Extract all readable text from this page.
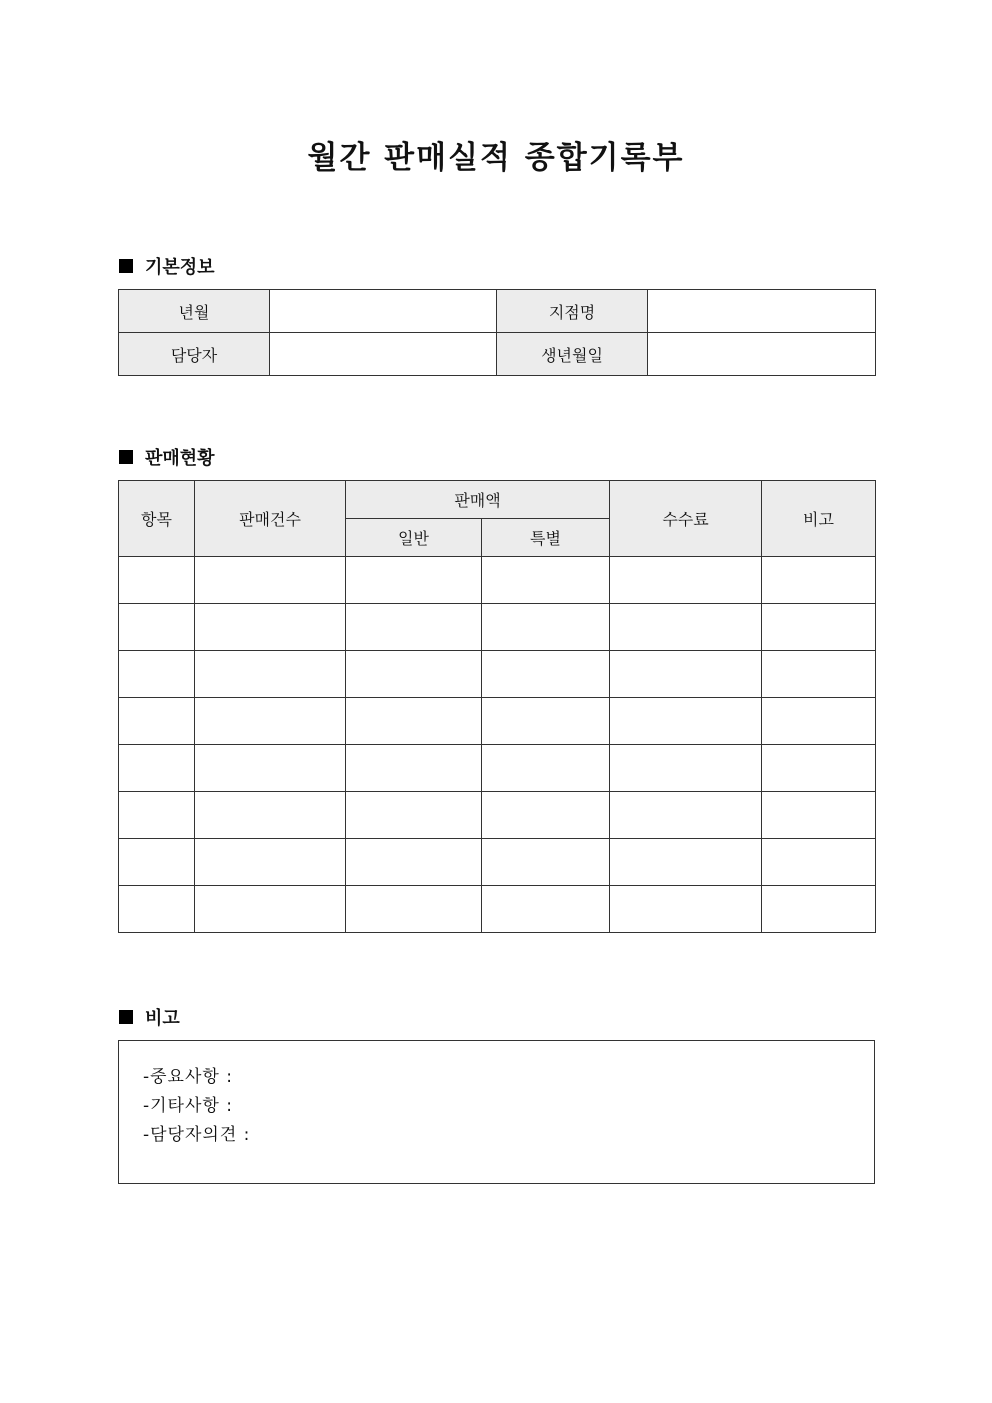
월간 판매실적 종합기록부
기본정보
년월		지점명	
담당자		생년월일	
판매현황
항목	판매건수	판매액		수수료	비고
		일반	특별		

비고
-중요사항 :
-기타사항 :
-담당자의견 :
